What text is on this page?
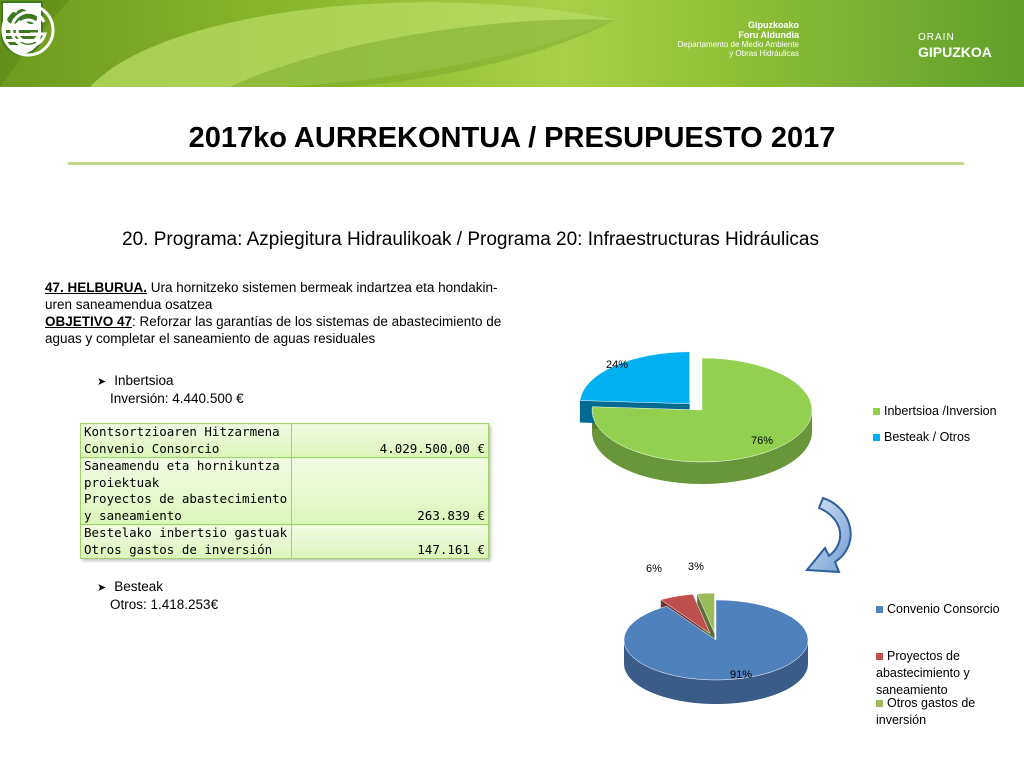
Gipuzkoako
Foru Aldundia
Departamento de Medio Ambiente
y Obras Hidráulicas
ORAIN
GIPUZKOA
2017ko AURREKONTUA / PRESUPUESTO 2017
20. Programa: Azpiegitura Hidraulikoak / Programa 20: Infraestructuras Hidráulicas
47. HELBURUA. Ura hornitzeko sistemen bermeak indartzea eta hondakin-
uren saneamendua osatzea
OBJETIVO 47: Reforzar las garantías de los sistemas de abastecimiento de
aguas y completar el saneamiento de aguas residuales
➤ Inbertsioa
Inversión: 4.440.500 €
Kontsortzioaren Hitzarmena
Convenio Consorcio	4.029.500,00 €

Saneamendu eta hornikuntza
proiektuak
Proyectos de abastecimiento
y saneamiento	263.839 €

Bestelako inbertsio gastuak
Otros gastos de inversión	147.161 €
➤ Besteak
Otros: 1.418.253€
76%
24%
Inbertsioa /Inversion
Besteak / Otros
91%
6% 3%
Convenio Consorcio
Proyectos de
abastecimiento y
saneamiento
Otros gastos de
inversión
